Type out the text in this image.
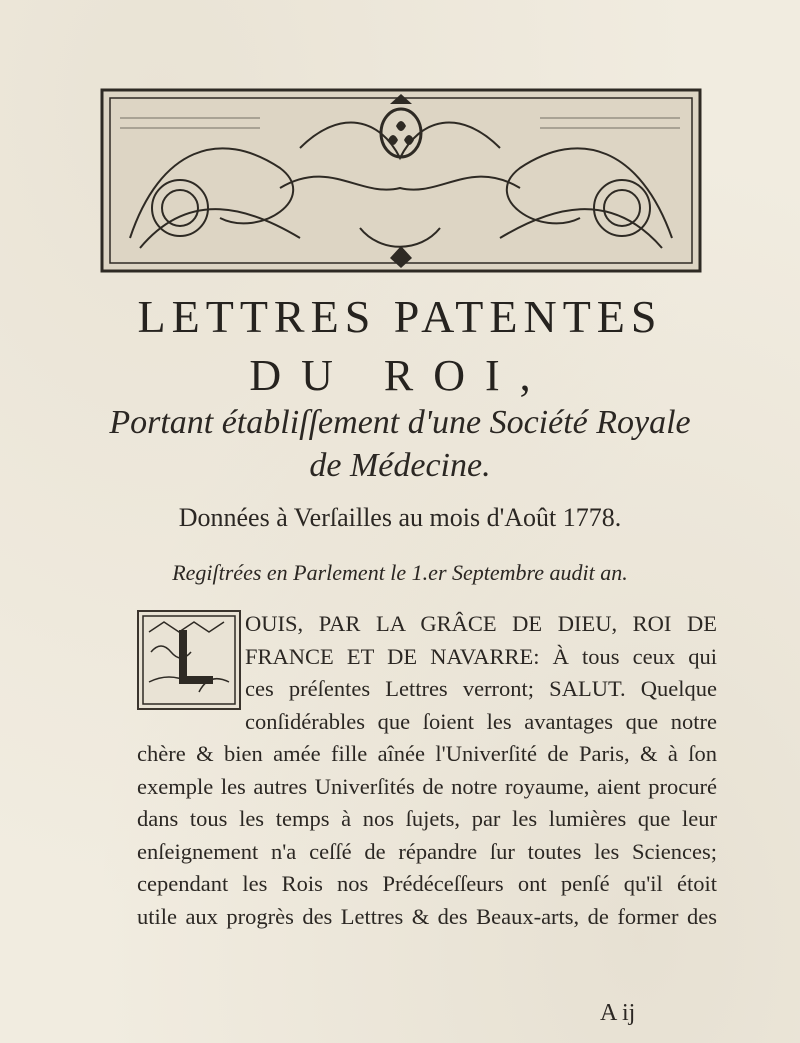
LETTRES PATENTES
DU ROI,
Portant établiſſement d'une Société Royale
de Médecine.
Données à Verſailles au mois d'Août 1778.
Regiſtrées en Parlement le 1.er Septembre audit an.
OUIS, PAR LA GRÂCE DE DIEU, ROI DE
FRANCE ET DE NAVARRE: À tous ceux qui
ces préſentes Lettres verront; SALUT. Quelque
conſidérables que ſoient les avantages que notre
chère & bien amée fille aînée l'Univerſité de Paris, & à ſon
exemple les autres Univerſités de notre royaume, aient procuré
dans tous les temps à nos ſujets, par les lumières que leur
enſeignement n'a ceſſé de répandre ſur toutes les Sciences;
cependant les Rois nos Prédéceſſeurs ont penſé qu'il étoit
utile aux progrès des Lettres & des Beaux-arts, de former des
A ij
